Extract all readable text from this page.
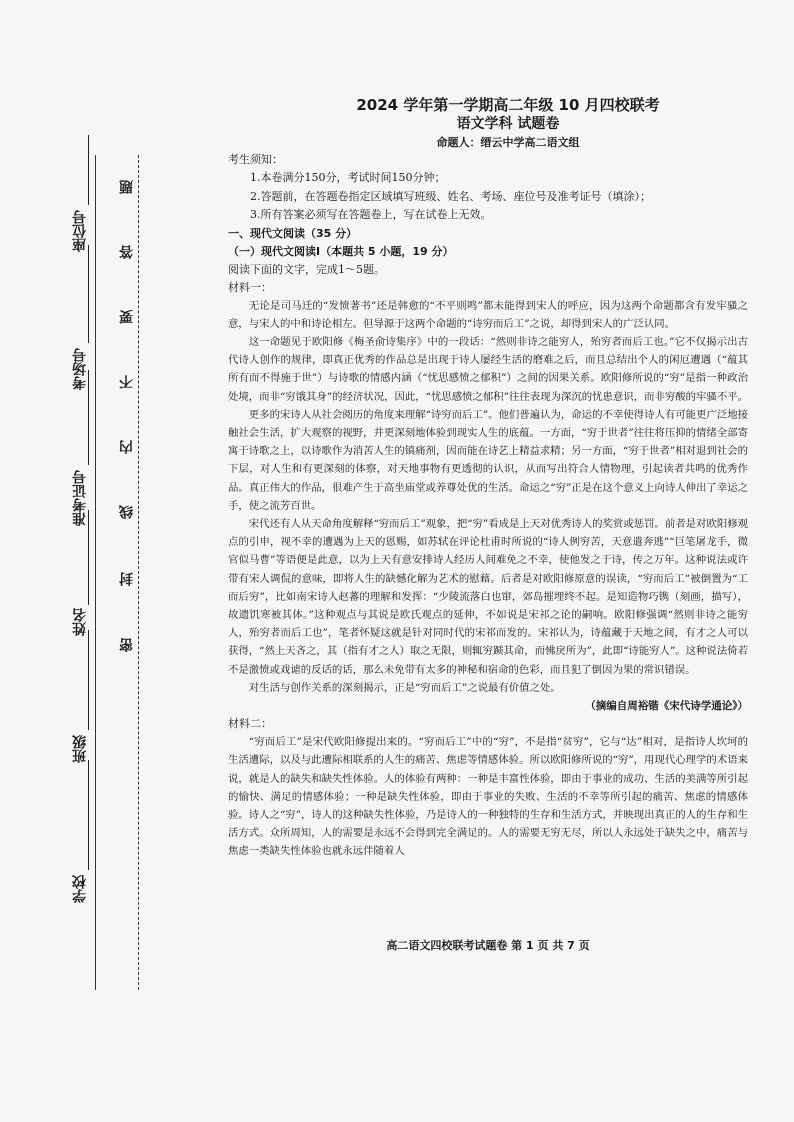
学校
班级
姓名
准考证号
考场号
座位号
密
封
线
内
不
要
答
题
2024 学年第一学期高二年级 10 月四校联考
语文学科 试题卷
命题人：缙云中学高二语文组
考生须知：
1.本卷满分150分，考试时间150分钟；
2.答题前，在答题卷指定区域填写班级、姓名、考场、座位号及准考证号（填涂）；
3.所有答案必须写在答题卷上，写在试卷上无效。
一、现代文阅读（35 分）
（一）现代文阅读Ⅰ（本题共 5 小题，19 分）
阅读下面的文字，完成1～5题。
材料一：

无论是司马迁的“发愤著书”还是韩愈的“不平则鸣”都未能得到宋人的呼应，因为这两个命题都含有发牢骚之意，与宋人的中和诗论相左。但导源于这两个命题的“诗穷而后工”之说，却得到宋人的广泛认同。

这一命题见于欧阳修《梅圣俞诗集序》中的一段话：“然则非诗之能穷人，殆穷者而后工也。”它不仅揭示出古代诗人创作的规律，即真正优秀的作品总是出现于诗人屡经生活的磨难之后，而且总结出个人的闲厄遭遇（“蕴其所有而不得施于世”）与诗歌的情感内涵（“忧思感愤之郁积”）之间的因果关系。欧阳修所说的“穷”是指一种政治处境，而非“穷饿其身”的经济状况，因此，“忧思感愤之郁积”往往表现为深沉的忧患意识，而非穷酸的牢骚不平。

更多的宋诗人从社会阅历的角度来理解“诗穷而后工”。他们普遍认为，命运的不幸使得诗人有可能更广泛地接触社会生活，扩大观察的视野，并更深刻地体验到现实人生的底蕴。一方面，“穷于世者”往往将压抑的情绪全部寄寓于诗歌之上，以诗歌作为消苦人生的镇痛剂，因而能在诗艺上精益求精；另一方面，“穷于世者”相对退到社会的下层，对人生和有更深刻的体察，对天地事物有更透彻的认识，从而写出符合人情物理，引起读者共鸣的优秀作品。真正伟大的作品，很难产生于高坐庙堂或养尊处优的生活。命运之“穷”正是在这个意义上向诗人伸出了幸运之手，使之流芳百世。

宋代还有人从天命角度解释“穷而后工”观象，把“穷”看成是上天对优秀诗人的奖赏或惩罚。前者是对欧阳修观点的引申，视不幸的遭遇为上天的恩赐，如苏轼在评论杜甫时所说的“诗人例穷苦，天意遣奔逃”“巨笔屠龙手，微官似马曹”等语便是此意，以为上天有意安排诗人经历人间难免之不幸，使他发之于诗，传之万年。这种说法或许带有宋人调侃的意味，即将人生的缺憾化解为艺术的慰藉。后者是对欧阳修原意的误读，“穷而后工”被倒置为“工而后穷”，比如南宋诗人赵蕃的理解和发挥：“少陵流落白也窜，郊岛摧埋终不起。是知造物巧镌（刻画，描写），故遗饥寒被其体。”这种观点与其说是欧氏观点的延伸，不如说是宋祁之论的嗣响。欧阳修强调“然则非诗之能穷人，殆穷者而后工也”，笔者怀疑这就是针对同时代的宋祁而发的。宋祁认为，诗蕴藏于天地之间，有才之人可以获得，“然上天吝之，其（指有才之人）取之无限，则辄穷踬其命，而怫戾所为”，此即“诗能穷人”。这种说法倚若不是激愤或戏谑的反话的话，那么未免带有太多的神秘和宿命的色彩，而且犯了倒因为果的常识错误。

对生活与创作关系的深刻揭示，正是“穷而后工”之说最有价值之处。

（摘编自周裕锴《宋代诗学通论》）
材料二：

“穷而后工”是宋代欧阳修提出来的。“穷而后工”中的“穷”，不是指“贫穷”，它与“达”相对，是指诗人坎坷的生活遭际，以及与此遭际相联系的人生的痛苦、焦虑等情感体验。所以欧阳修所说的“穷”，用现代心理学的术语来说，就是人的缺失和缺失性体验。人的体验有两种：一种是丰富性体验，即由于事业的成功、生活的美满等所引起的愉快、满足的情感体验；一种是缺失性体验，即由于事业的失败、生活的不幸等所引起的痛苦、焦虑的情感体验。诗人之“穷”，诗人的这种缺失性体验，乃是诗人的一种独特的生存和生活方式，并映现出真正的人的生存和生活方式。众所周知，人的需要是永远不会得到完全满足的。人的需要无穷无尽，所以人永远处于缺失之中，痛苦与焦虑一类缺失性体验也就永远伴随着人

高二语文四校联考试题卷 第 1 页 共 7 页
